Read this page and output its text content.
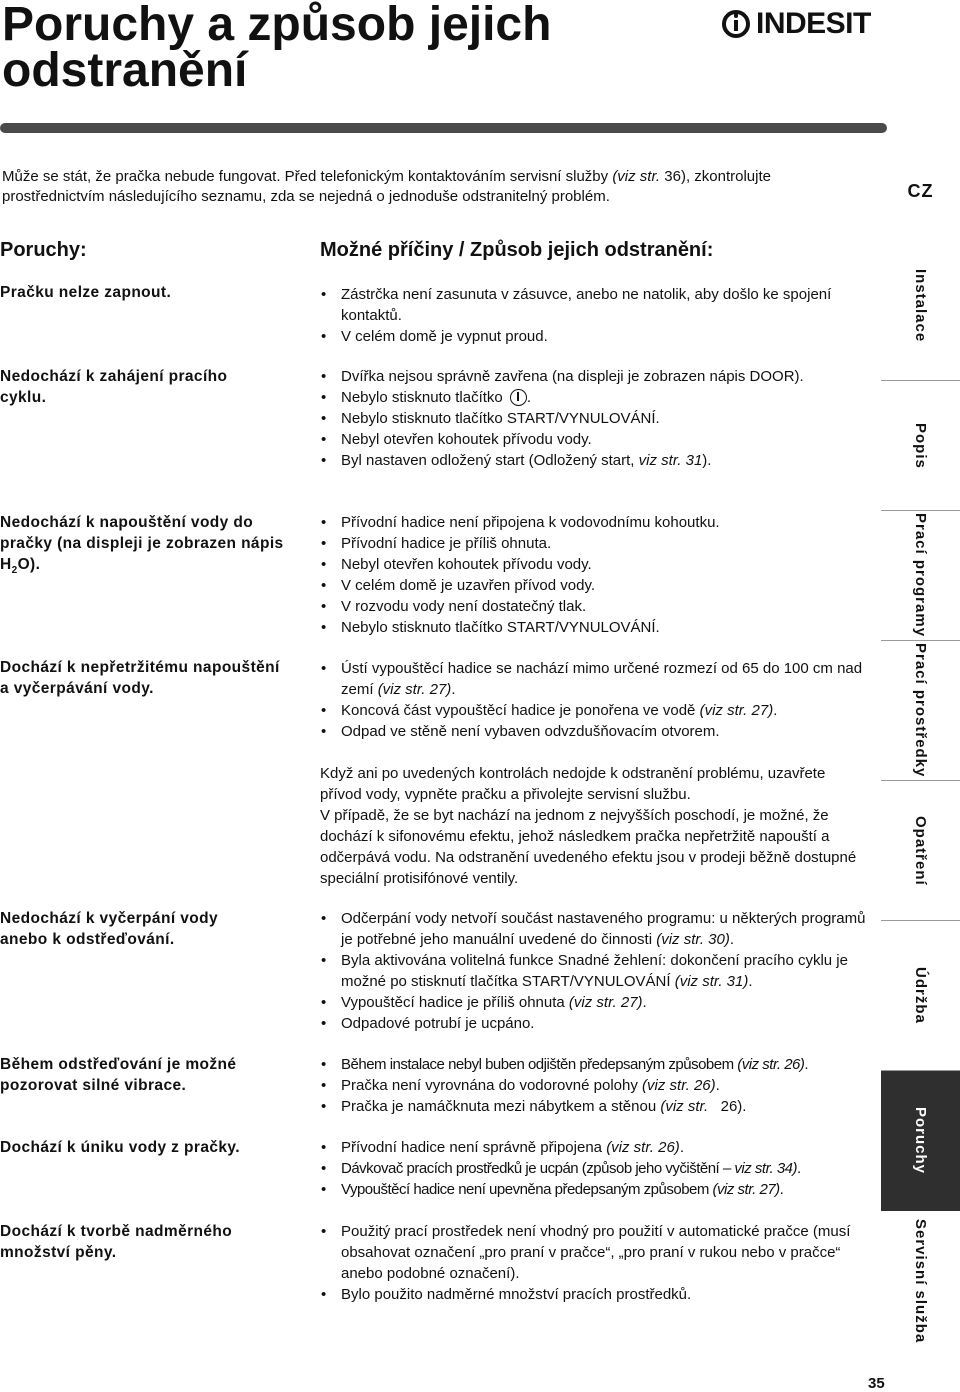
Poruchy a způsob jejich
odstranění
INDESIT

Může se stát, že pračka nebude fungovat. Před telefonickým kontaktováním servisní služby (viz str. 36), zkontrolujte prostřednictvím následujícího seznamu, zda se nejedná o jednoduše odstranitelný problém.

Poruchy:	Možné příčiny / Způsob jejich odstranění:

Pračku nelze zapnout.	• Zástrčka není zasunuta v zásuvce, anebo ne natolik, aby došlo ke spojení kontaktů.
• V celém domě je vypnut proud.

Nedochází k zahájení pracího cyklu.

• Dvířka nejsou správně zavřena (na displeji je zobrazen nápis DOOR).
• Nebylo stisknuto tlačítko .
• Nebylo stisknuto tlačítko START/VYNULOVÁNÍ.
• Nebyl otevřen kohoutek přívodu vody.
• Byl nastaven odložený start (Odložený start, viz str. 31).

Nedochází k napouštění vody do pračky (na displeji je zobrazen nápis $H_2O$).

• Přívodní hadice není připojena k vodovodnímu kohoutku.
• Přívodní hadice je příliš ohnuta.
• Nebyl otevřen kohoutek přívodu vody.
• V celém domě je uzavřen přívod vody.
• V rozvodu vody není dostatečný tlak.
• Nebylo stisknuto tlačítko START/VYNULOVÁNÍ.

Dochází k nepřetržitému napouštění a vyčerpávání vody.

• Ústí vypouštěcí hadice se nachází mimo určené rozmezí od 65 do 100 cm nad zemí (viz str. 27).
• Koncová část vypouštěcí hadice je ponořena ve vodě (viz str. 27).
• Odpad ve stěně není vybaven odvzdušňovacím otvorem.

Když ani po uvedených kontrolách nedojde k odstranění problému, uzavřete přívod vody, vypněte pračku a přivolejte servisní službu.

V případě, že se byt nachází na jednom z nejvyšších poschodí, je možné, že dochází k sifonovému efektu, jehož následkem pračka nepřetržitě napouští a odčerpává vodu. Na odstranění uvedeného efektu jsou v prodeji běžně dostupné speciální protisifónové ventily.

Nedochází k vyčerpání vody anebo k odstřeďování.

• Odčerpání vody netvoří součást nastaveného programu: u některých programů je potřebné jeho manuální uvedené do činnosti (viz str. 30).
• Byla aktivována volitelná funkce Snadné žehlení: dokončení pracího cyklu je možné po stisknutí tlačítka START/VYNULOVÁNÍ (viz str. 31).
• Vypouštěcí hadice je příliš ohnuta (viz str. 27).
• Odpadové potrubí je ucpáno.

Během odstřeďování je možné pozorovat silné vibrace.

• Během instalace nebyl buben odjištěn předepsaným způsobem (viz str. 26).
• Pračka není vyrovnána do vodorovné polohy (viz str. 26).
• Pračka je namáčknuta mezi nábytkem a stěnou (viz str.   26).

Dochází k úniku vody z pračky.	• Přívodní hadice není správně připojena (viz str. 26).
• Dávkovač pracích prostředků je ucpán (způsob jeho vyčištění – viz str. 34).
• Vypouštěcí hadice není upevněna předepsaným způsobem (viz str. 27).

Dochází k tvorbě nadměrného množství pěny.

• Použitý prací prostředek není vhodný pro použití v automatické pračce (musí obsahovat označení „pro praní v pračce“, „pro praní v rukou nebo v pračce“ anebo podobné označení).
• Bylo použito nadměrné množství pracích prostředků.
CZ
Instalace
Popis
Prací programy
Prací prostředky
Opatření
Údržba
Poruchy
Servisní služba
35
